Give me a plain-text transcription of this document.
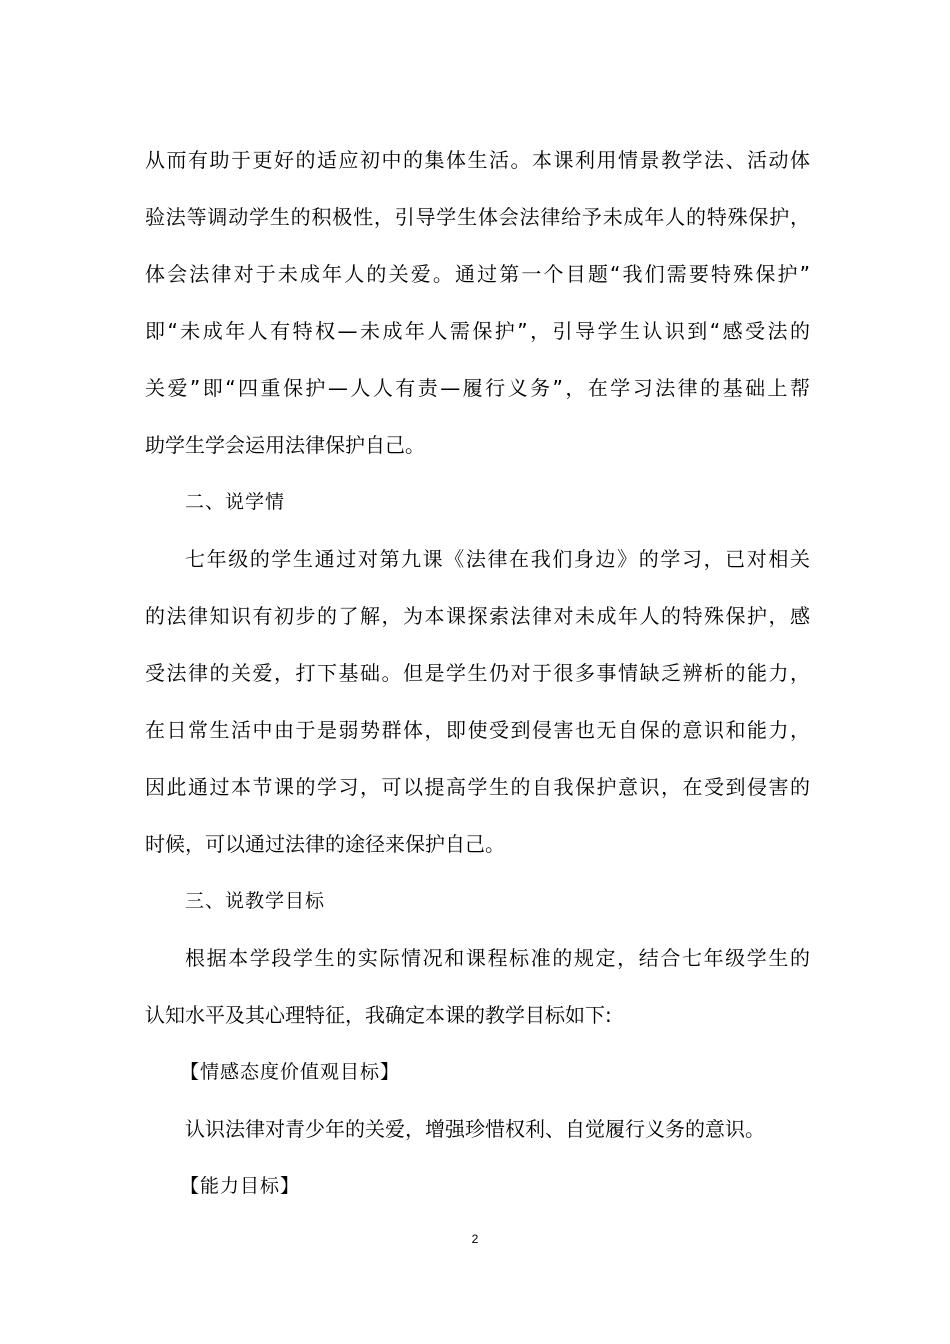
从而有助于更好的适应初中的集体生活。本课利用情景教学法、活动体
验法等调动学生的积极性，引导学生体会法律给予未成年人的特殊保护，
体会法律对于未成年人的关爱。通过第一个目题“我们需要特殊保护”
即“未成年人有特权—未成年人需保护”，引导学生认识到“感受法的
关爱”即“四重保护—人人有责—履行义务”，在学习法律的基础上帮
助学生学会运用法律保护自己。
二、说学情
七年级的学生通过对第九课《法律在我们身边》的学习，已对相关
的法律知识有初步的了解，为本课探索法律对未成年人的特殊保护，感
受法律的关爱，打下基础。但是学生仍对于很多事情缺乏辨析的能力，
在日常生活中由于是弱势群体，即使受到侵害也无自保的意识和能力，
因此通过本节课的学习，可以提高学生的自我保护意识，在受到侵害的
时候，可以通过法律的途径来保护自己。
三、说教学目标
根据本学段学生的实际情况和课程标准的规定，结合七年级学生的
认知水平及其心理特征，我确定本课的教学目标如下:
【情感态度价值观目标】
认识法律对青少年的关爱，增强珍惜权利、自觉履行义务的意识。
【能力目标】
2
